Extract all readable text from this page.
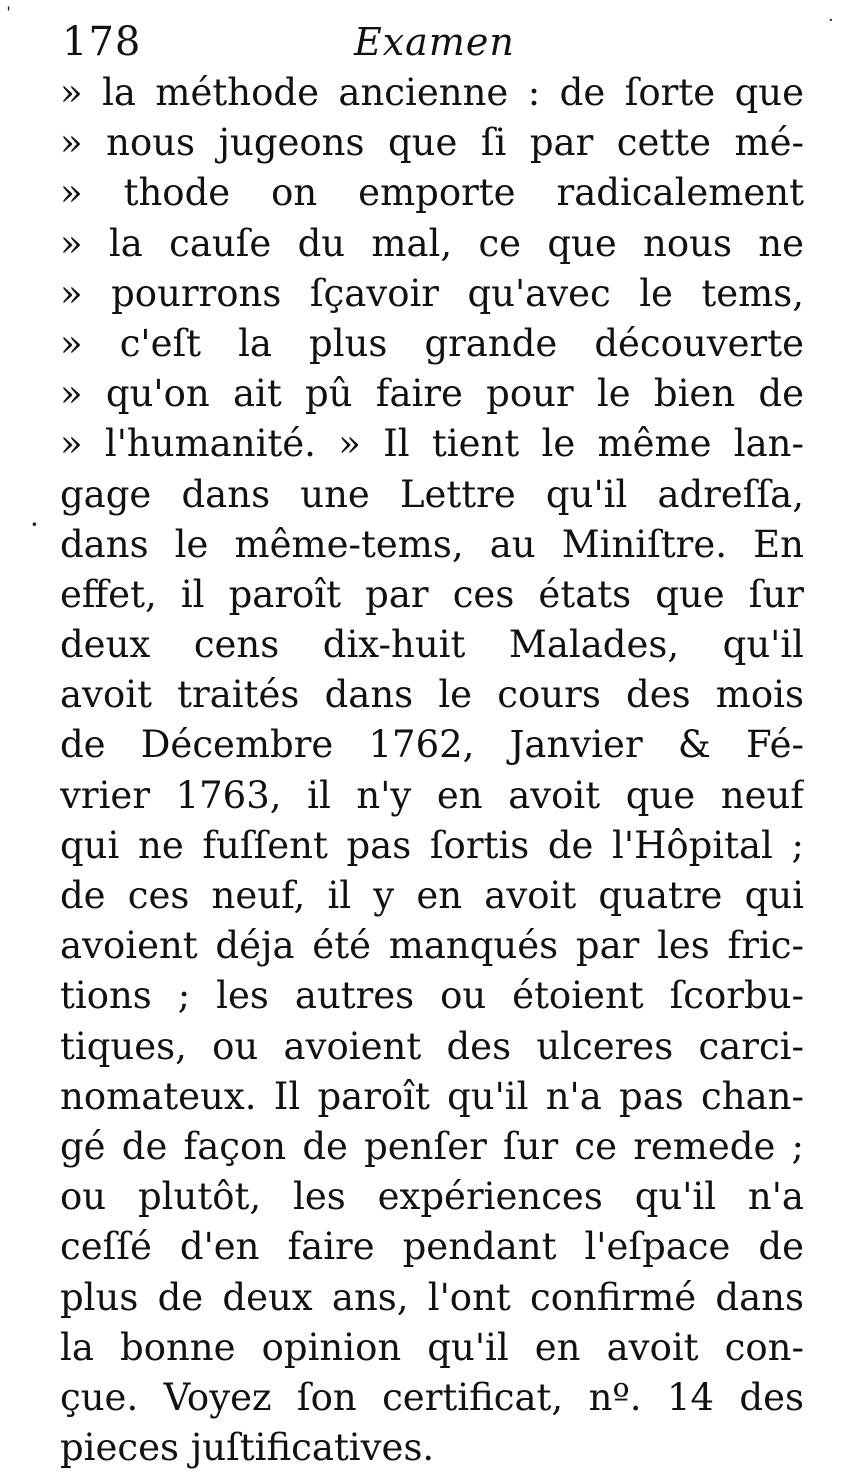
178	Examen
» la méthode ancienne : de ſorte que
» nous jugeons que ſi par cette mé-
» thode on emporte radicalement
» la cauſe du mal, ce que nous ne
» pourrons ſçavoir qu'avec le tems,
» c'eſt la plus grande découverte
» qu'on ait pû faire pour le bien de
» l'humanité. » Il tient le même lan-
gage dans une Lettre qu'il adreſſa,
dans le même-tems, au Miniſtre. En
effet, il paroît par ces états que ſur
deux cens dix-huit Malades, qu'il
avoit traités dans le cours des mois
de Décembre 1762, Janvier & Fé-
vrier 1763, il n'y en avoit que neuf
qui ne fuſſent pas ſortis de l'Hôpital ;
de ces neuf, il y en avoit quatre qui
avoient déja été manqués par les fric-
tions ; les autres ou étoient ſcorbu-
tiques, ou avoient des ulceres carci-
nomateux. Il paroît qu'il n'a pas chan-
gé de façon de penſer ſur ce remede ;
ou plutôt, les expériences qu'il n'a
ceſſé d'en faire pendant l'eſpace de
plus de deux ans, l'ont confirmé dans
la bonne opinion qu'il en avoit con-
çue. Voyez ſon certificat, nº. 14 des
pieces juſtificatives.
ˈ	·
·
